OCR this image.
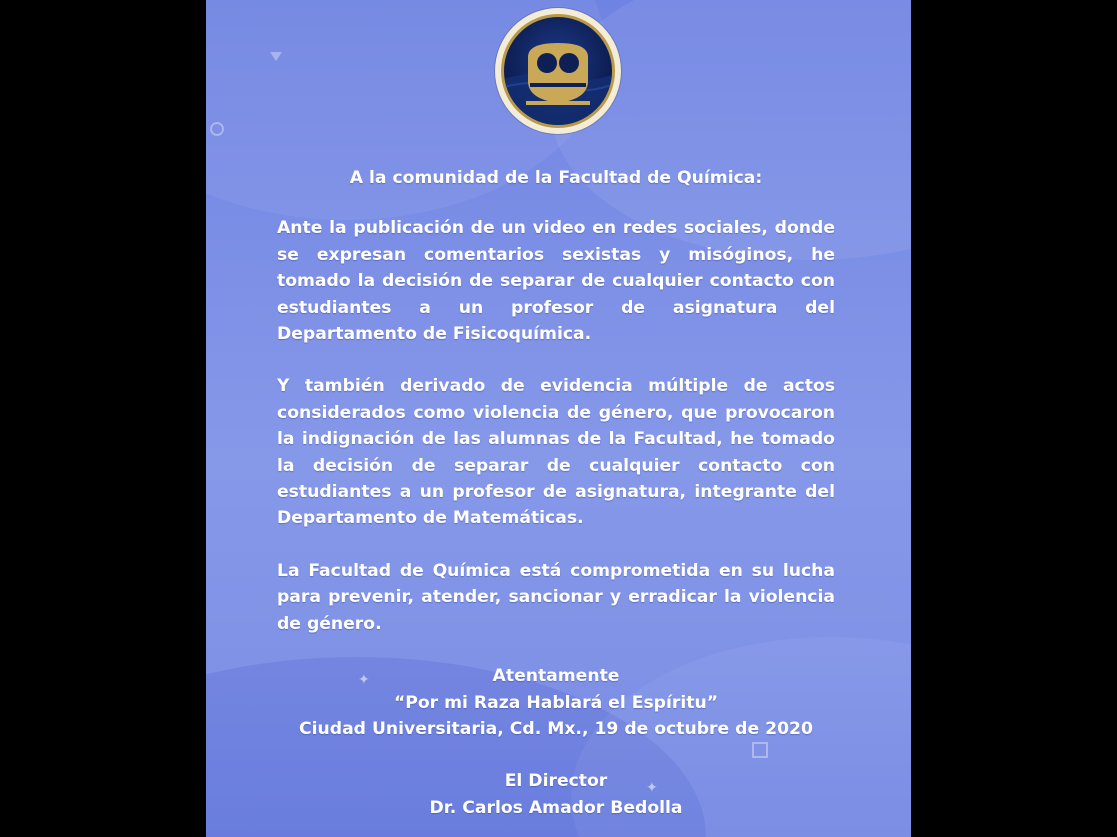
✦
✦
A la comunidad de la Facultad de Química:
Ante la publicación de un video en redes sociales, donde se expresan comentarios sexistas y misóginos, he tomado la decisión de separar de cualquier contacto con estudiantes a un profesor de asignatura del Departamento de Fisicoquímica.
Y también derivado de evidencia múltiple de actos considerados como violencia de género, que provocaron la indignación de las alumnas de la Facultad, he tomado la decisión de separar de cualquier contacto con estudiantes a un profesor de asignatura, integrante del Departamento de Matemáticas.
La Facultad de Química está comprometida en su lucha para prevenir, atender, sancionar y erradicar la violencia de género.
Atentamente
“Por mi Raza Hablará el Espíritu”
Ciudad Universitaria, Cd. Mx., 19 de octubre de 2020
El Director
Dr. Carlos Amador Bedolla
